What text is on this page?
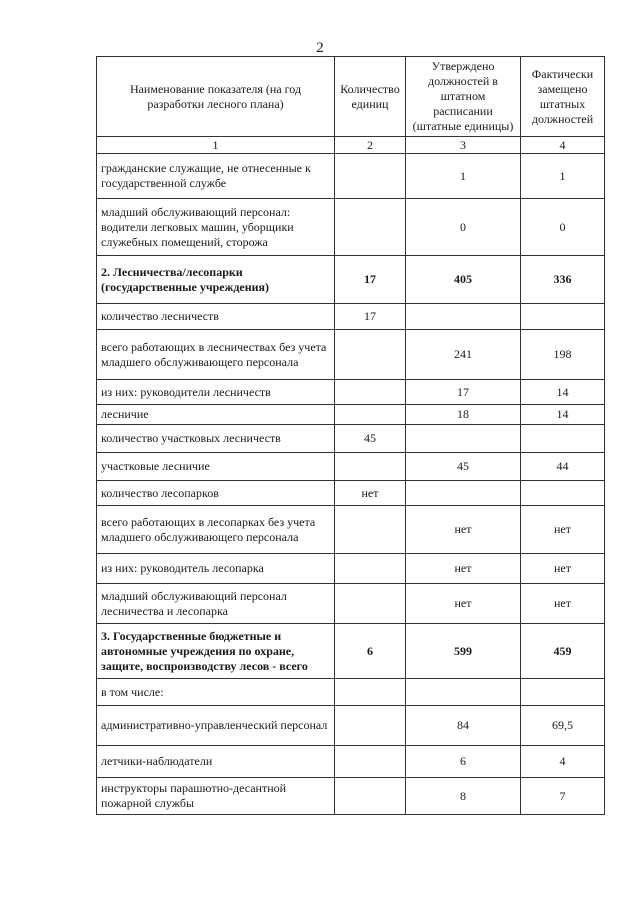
2
Наименование показателя (на год разработки лесного плана)	Количество единиц	Утверждено должностей в штатном расписании (штатные единицы)	Фактически замещено штатных должностей
1	2	3	4
гражданские служащие, не отнесенные к государственной службе		1	1
младший обслуживающий персонал: водители легковых машин, уборщики служебных помещений, сторожа		0	0
2. Лесничества/лесопарки (государственные учреждения)	17	405	336
количество лесничеств	17		
всего работающих в лесничествах без учета младшего обслуживающего персонала		241	198
из них: руководители лесничеств		17	14
лесничие		18	14
количество участковых лесничеств	45		
участковые лесничие		45	44
количество лесопарков	нет		
всего работающих в лесопарках без учета младшего обслуживающего персонала		нет	нет
из них: руководитель лесопарка		нет	нет
младший обслуживающий персонал лесничества и лесопарка		нет	нет
3. Государственные бюджетные и автономные учреждения по охране, защите, воспроизводству лесов - всего	6	599	459
в том числе:			
административно-управленческий персонал		84	69,5
летчики-наблюдатели		6	4
инструкторы парашютно-десантной пожарной службы		8	7
